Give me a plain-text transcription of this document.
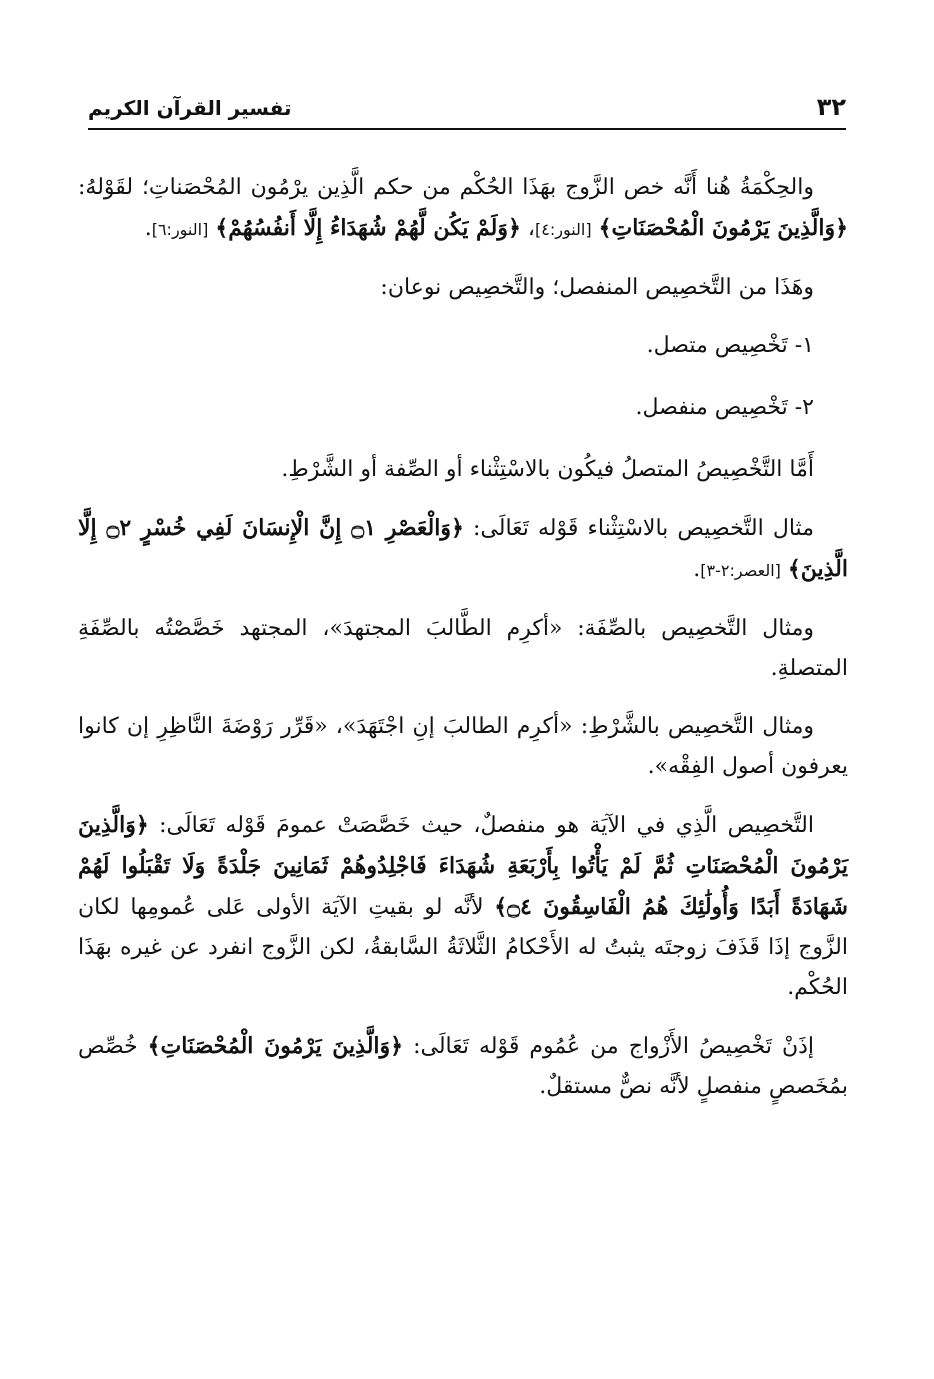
٣٢
تفسير القرآن الكريم

والحِكْمَةُ هُنا أَنَّه خص الزَّوج بهَذَا الحُكْم من حكم الَّذِين يرْمُون المُحْصَناتِ؛ لقَوْلهُ: ﴿وَالَّذِينَ يَرْمُونَ الْمُحْصَنَاتِ﴾ [النور:٤]، ﴿وَلَمْ يَكُن لَّهُمْ شُهَدَاءُ إِلَّا أَنفُسُهُمْ﴾ [النور:٦].

وهَذَا من التَّخصِيص المنفصل؛ والتَّخصِيص نوعان:

١- تَخْصِيص متصل.

٢- تَخْصِيص منفصل.

أَمَّا التَّخْصِيصُ المتصلُ فيكُون بالاسْتِثْناء أو الصِّفة أو الشَّرْطِ.

مثال التَّخصِيص بالاسْتِثْناء قَوْله تَعَالَى: ﴿وَالْعَصْرِ ۝١ إِنَّ الْإِنسَانَ لَفِي خُسْرٍ ۝٢ إِلَّا الَّذِينَ﴾ [العصر:٢-٣].

ومثال التَّخصِيص بالصِّفَة: «أكرِم الطَّالبَ المجتهدَ»، المجتهد خَصَّصْتُه بالصِّفَةِ المتصلةِ.

ومثال التَّخصِيص بالشَّرْطِ: «أكرِم الطالبَ إنِ اجْتَهَدَ»، «قَرِّر رَوْضَةَ النَّاظِرِ إن كانوا يعرفون أصول الفِقْه».

التَّخصِيص الَّذِي في الآيَة هو منفصلٌ، حيث خَصَّصَتْ عمومَ قَوْله تَعَالَى: ﴿وَالَّذِينَ يَرْمُونَ الْمُحْصَنَاتِ ثُمَّ لَمْ يَأْتُوا بِأَرْبَعَةِ شُهَدَاءَ فَاجْلِدُوهُمْ ثَمَانِينَ جَلْدَةً وَلَا تَقْبَلُوا لَهُمْ شَهَادَةً أَبَدًا وَأُولَٰئِكَ هُمُ الْفَاسِقُونَ ۝٤﴾ لأنَّه لو بقيتِ الآيَة الأولى عَلى عُمومِها لكان الزَّوج إذَا قَذَفَ زوجتَه يثبتُ له الأَحْكامُ الثَّلاثَةُ السَّابقةُ، لكن الزَّوج انفرد عن غيره بهَذَا الحُكْم.

إذَنْ تَخْصِيصُ الأَزْواج من عُمُوم قَوْله تَعَالَى: ﴿وَالَّذِينَ يَرْمُونَ الْمُحْصَنَاتِ﴾ خُصِّص بمُخَصصٍ منفصلٍ لأنَّه نصٌّ مستقلٌ.
